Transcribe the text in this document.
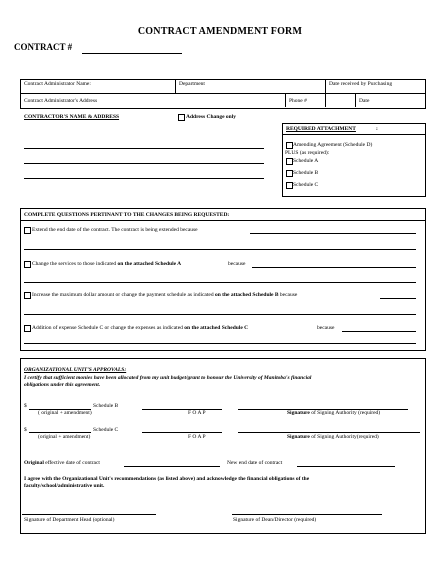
CONTRACT AMENDMENT FORM
CONTRACT #
Contract Administrator Name:	Department	Date received by Purchasing
Contract Administrator's Address	Phone #	Date
CONTRACTOR'S NAME & ADDRESS	Address Change only
REQUIRED ATTACHMENT	:
Amending Agreement (Schedule D)
PLUS (as required):
Schedule A
Schedule B
Schedule C
COMPLETE QUESTIONS PERTINANT TO THE CHANGES BEING REQUESTED:
Extend the end date of the contract. The contract is being extended because
Change the services to those indicated on the attached Schedule A	because
Increase the maximum dollar amount or change the payment schedule as indicated on the attached Schedule B because
Addition of expense Schedule C or change the expenses as indicated on the attached Schedule C	because
ORGANIZATIONAL UNIT'S APPROVALS:
I certify that sufficient monies have been allocated from my unit budget/grant to honour the University of Manitoba's financial
obligations under this agreement.
$	Schedule B
( original + amendment)	F O A P	Signature of Signing Authority (required)
$	Schedule C
(original + amendment)	F O A P	Signature of Signing Authority(required)
Original effective date of contract	New end date of contract
I agree with the Organizational Unit's recommendations (as listed above) and acknowledge the financial obligations of the
faculty/school/administrative unit.
Signature of Department Head (optional)	Signature of Dean/Director (required)
